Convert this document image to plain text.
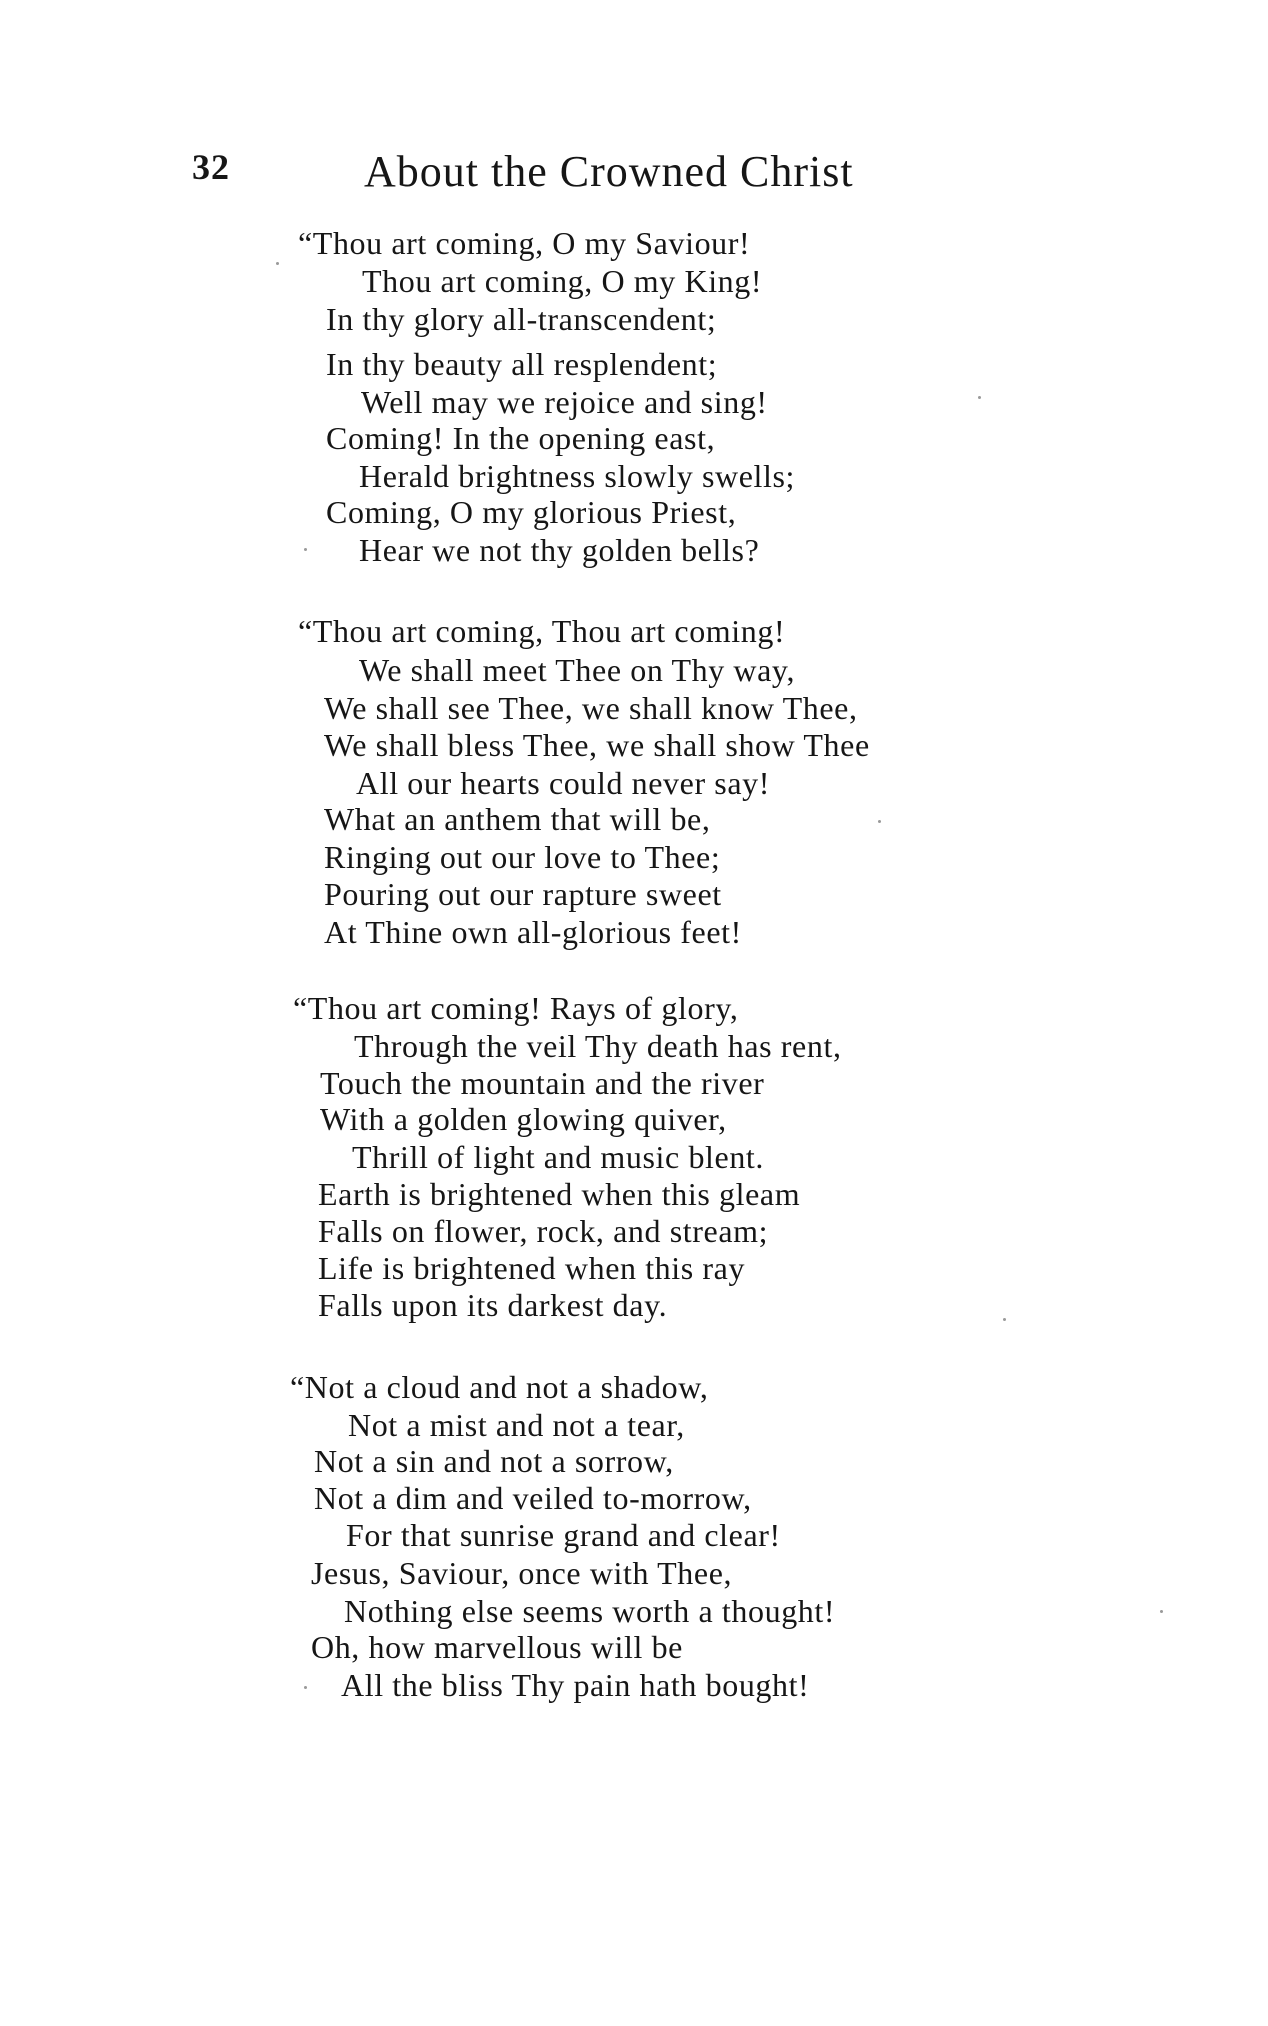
32	About the Crowned Christ
“Thou art coming, O my Saviour!
Thou art coming, O my King!
In thy glory all-transcendent;
In thy beauty all resplendent;
Well may we rejoice and sing!
Coming! In the opening east,
Herald brightness slowly swells;
Coming, O my glorious Priest,
Hear we not thy golden bells?
“Thou art coming, Thou art coming!
We shall meet Thee on Thy way,
We shall see Thee, we shall know Thee,
We shall bless Thee, we shall show Thee
All our hearts could never say!
What an anthem that will be,
Ringing out our love to Thee;
Pouring out our rapture sweet
At Thine own all-glorious feet!
“Thou art coming! Rays of glory,
Through the veil Thy death has rent,
Touch the mountain and the river
With a golden glowing quiver,
Thrill of light and music blent.
Earth is brightened when this gleam
Falls on flower, rock, and stream;
Life is brightened when this ray
Falls upon its darkest day.
“Not a cloud and not a shadow,
Not a mist and not a tear,
Not a sin and not a sorrow,
Not a dim and veiled to-morrow,
For that sunrise grand and clear!
Jesus, Saviour, once with Thee,
Nothing else seems worth a thought!
Oh, how marvellous will be
All the bliss Thy pain hath bought!
